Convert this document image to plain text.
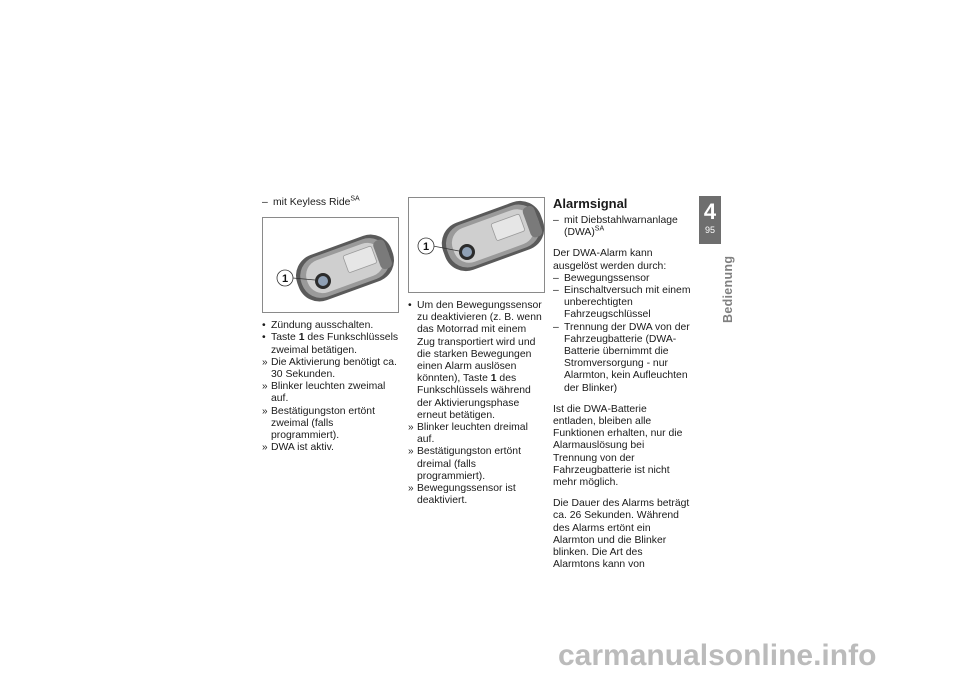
– mit Keyless Ride$^{SA}$
1
• Zündung ausschalten.
• Taste 1 des Funkschlüssels zweimal betätigen.
» Die Aktivierung benötigt ca. 30 Sekunden.
» Blinker leuchten zweimal auf.
» Bestätigungston ertönt zweimal (falls programmiert).
» DWA ist aktiv.
1
• Um den Bewegungssensor zu deaktivieren (z. B. wenn das Motorrad mit einem Zug transportiert wird und die starken Bewegungen einen Alarm auslösen könnten), Taste 1 des Funkschlüssels während der Aktivierungsphase erneut betätigen.
» Blinker leuchten dreimal auf.
» Bestätigungston ertönt dreimal (falls programmiert).
» Bewegungssensor ist deaktiviert.
Alarmsignal
– mit Diebstahlwarnanlage (DWA)$^{SA}$
Der DWA-Alarm kann ausgelöst werden durch:
– Bewegungssensor
– Einschaltversuch mit einem unberechtigten Fahrzeugschlüssel
– Trennung der DWA von der Fahrzeugbatterie (DWA-Batterie übernimmt die Stromversorgung - nur Alarmton, kein Aufleuchten der Blinker)
Ist die DWA-Batterie entladen, bleiben alle Funktionen erhalten, nur die Alarmauslösung bei Trennung von der Fahrzeugbatterie ist nicht mehr möglich.
Die Dauer des Alarms beträgt ca. 26 Sekunden. Während des Alarms ertönt ein Alarmton und die Blinker blinken. Die Art des Alarmtons kann von
4
95
Bedienung
carmanualsonline.info
